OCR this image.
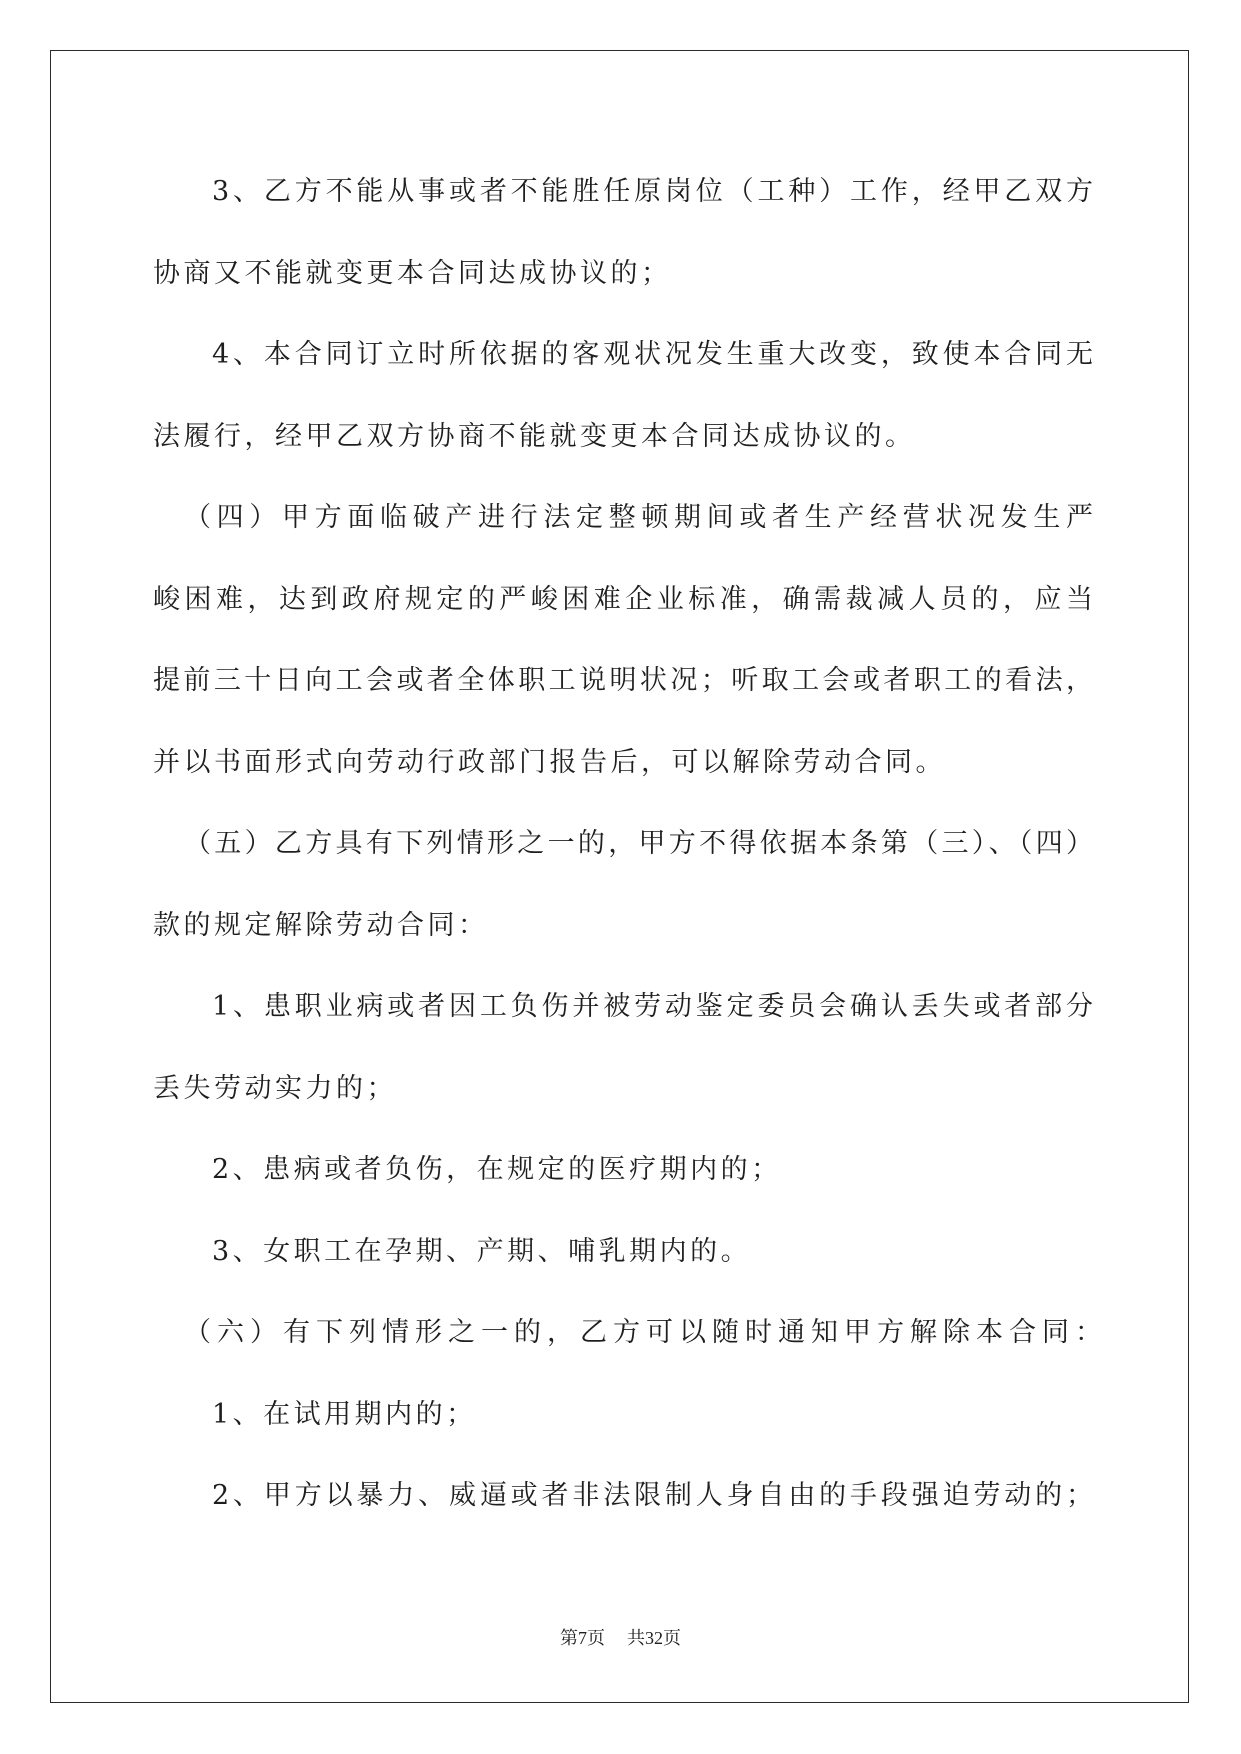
3、乙方不能从事或者不能胜任原岗位（工种）工作，经甲乙双方
协商又不能就变更本合同达成协议的；
4、本合同订立时所依据的客观状况发生重大改变，致使本合同无
法履行，经甲乙双方协商不能就变更本合同达成协议的。
（四）甲方面临破产进行法定整顿期间或者生产经营状况发生严
峻困难，达到政府规定的严峻困难企业标准，确需裁减人员的，应当
提前三十日向工会或者全体职工说明状况；听取工会或者职工的看法，
并以书面形式向劳动行政部门报告后，可以解除劳动合同。
（五）乙方具有下列情形之一的，甲方不得依据本条第（三）、（四）
款的规定解除劳动合同：
1、患职业病或者因工负伤并被劳动鉴定委员会确认丢失或者部分
丢失劳动实力的；
2、患病或者负伤，在规定的医疗期内的；
3、女职工在孕期、产期、哺乳期内的。
（六）有下列情形之一的，乙方可以随时通知甲方解除本合同：
1、在试用期内的；
2、甲方以暴力、威逼或者非法限制人身自由的手段强迫劳动的；
第7页 共32页
